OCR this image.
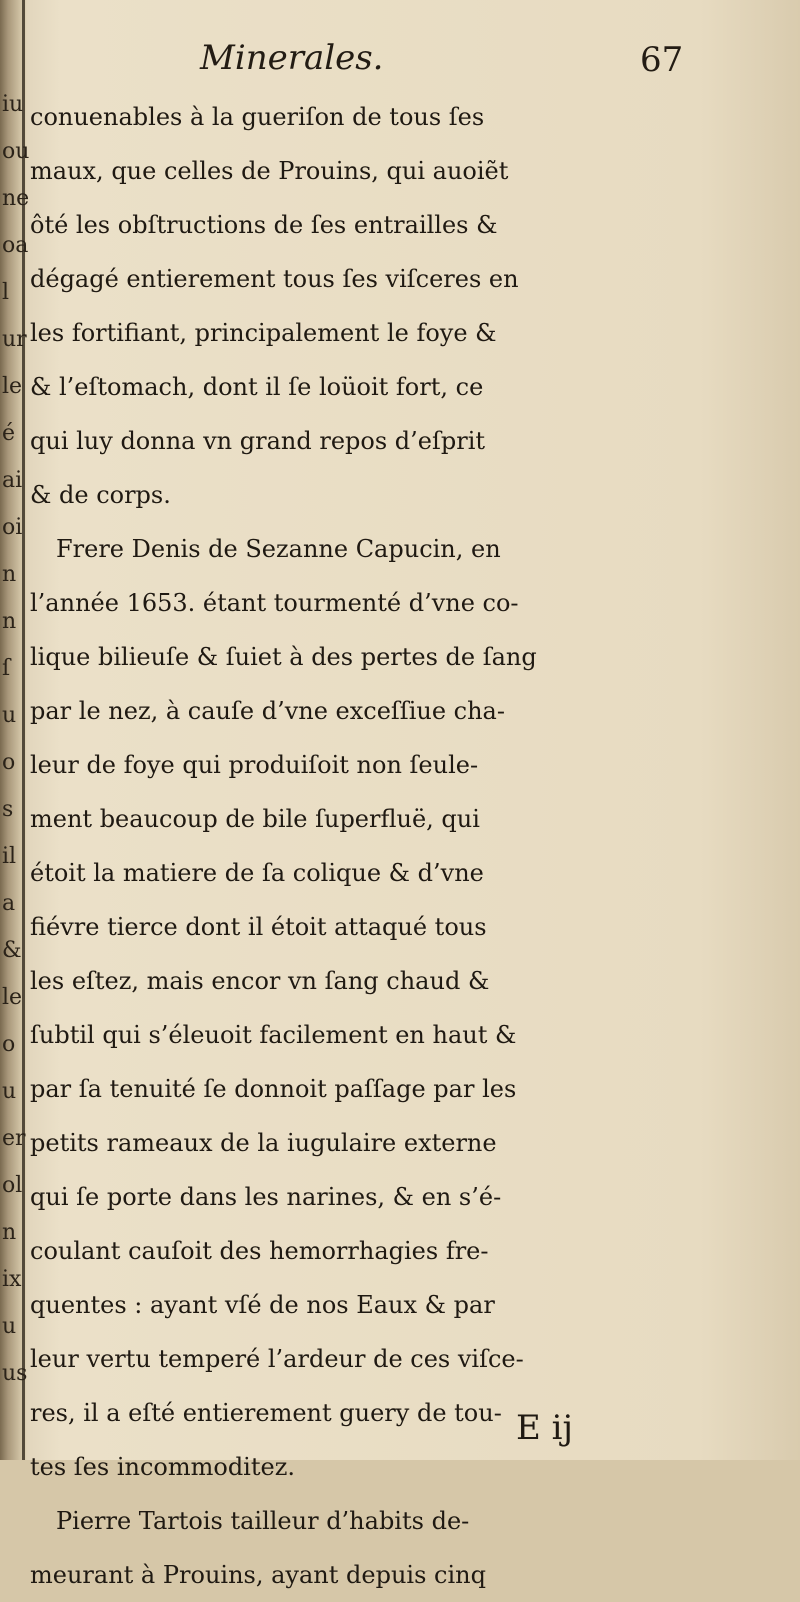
iu
ou
ne
oa
l
ur
le
é
ai
oi
n
n
ſ
u
o
s
il
a
&
le
o
u
er
ol
n
ix
u
us
Minerales.	67
conuenables à la gueriſon de tous ſes
maux, que celles de Prouins, qui auoiẽt
ôté les obſtructions de ſes entrailles &
dégagé entierement tous ſes viſceres en
les fortifiant, principalement le foye &
& l’eſtomach, dont il ſe loüoit fort, ce
qui luy donna vn grand repos d’eſprit
& de corps.
Frere Denis de Sezanne Capucin, en
l’année 1653. étant tourmenté d’vne co-
lique bilieuſe & ſuiet à des pertes de ſang
par le nez, à cauſe d’vne exceſſiue cha-
leur de foye qui produiſoit non ſeule-
ment beaucoup de bile ſuperfluë, qui
étoit la matiere de ſa colique & d’vne
fiévre tierce dont il étoit attaqué tous
les eſtez, mais encor vn ſang chaud &
ſubtil qui s’éleuoit facilement en haut &
par ſa tenuité ſe donnoit paſſage par les
petits rameaux de la iugulaire externe
qui ſe porte dans les narines, & en s’é-
coulant cauſoit des hemorrhagies fre-
quentes : ayant vſé de nos Eaux & par
leur vertu temperé l’ardeur de ces viſce-
res, il a eſté entierement guery de tou-
tes ſes incommoditez.
Pierre Tartois tailleur d’habits de-
meurant à Prouins, ayant depuis cinq
E ij
